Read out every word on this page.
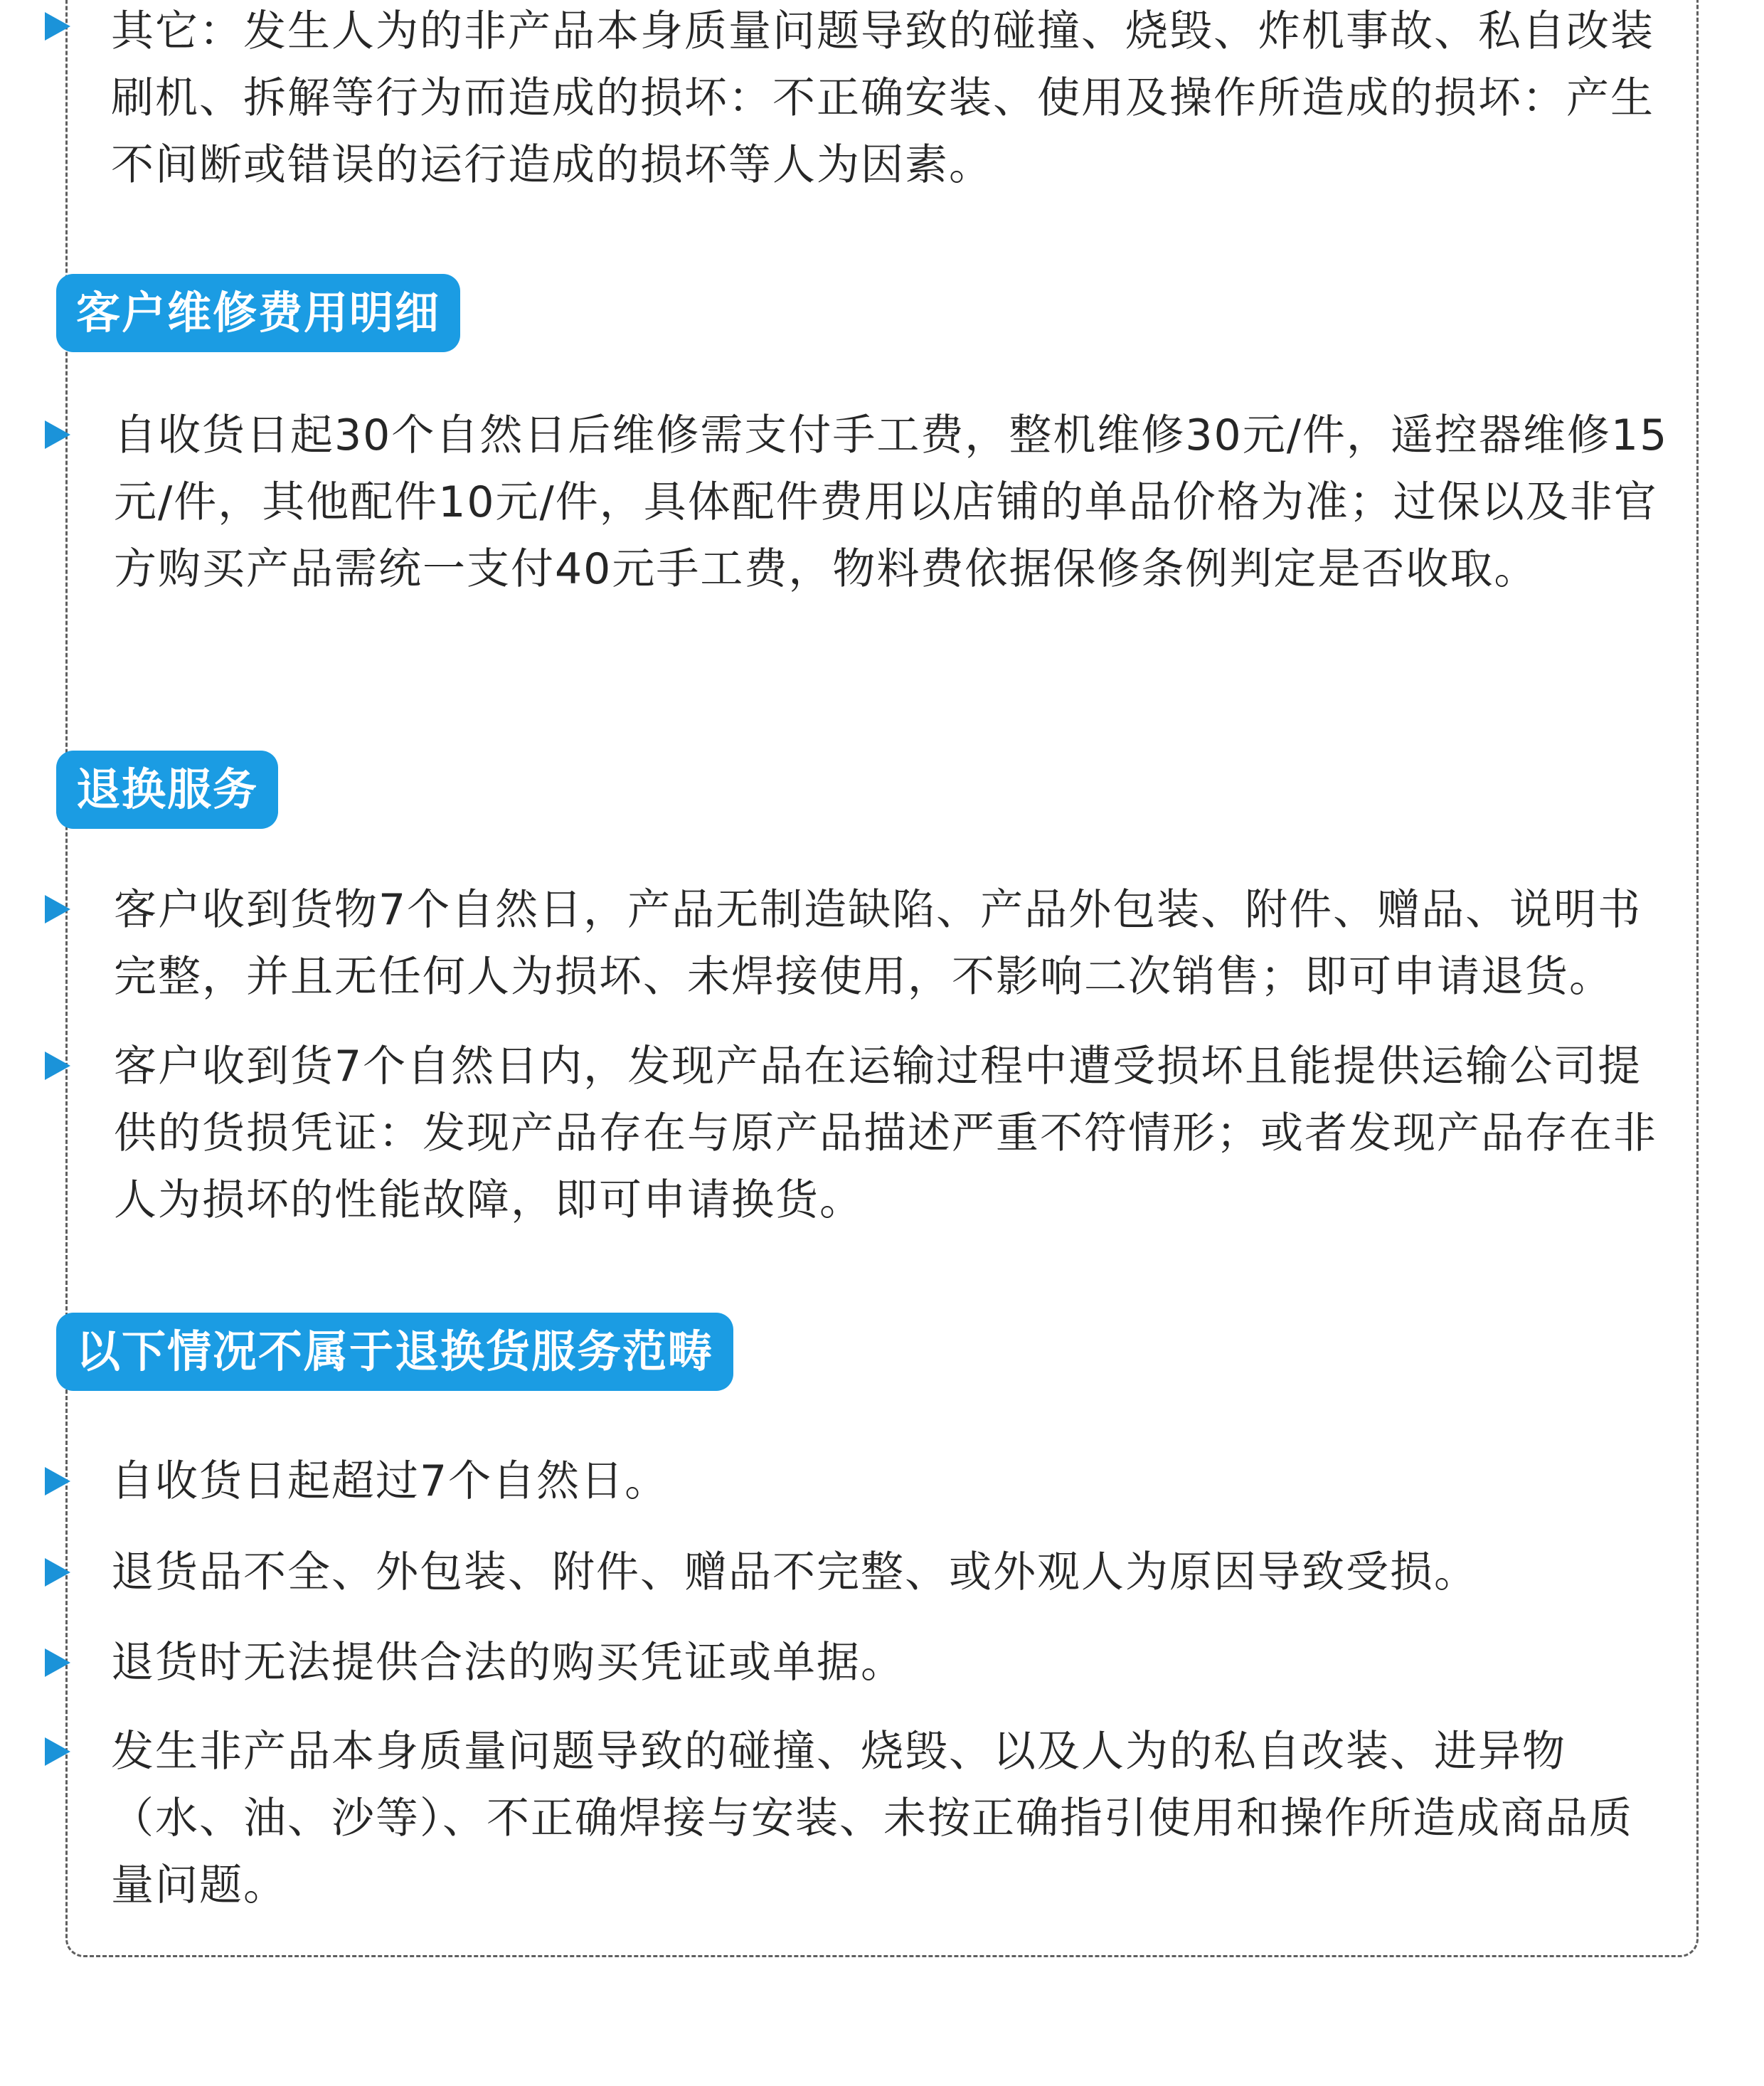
其它：发生人为的非产品本身质量问题导致的碰撞、烧毁、炸机事故、私自改装刷机、拆解等行为而造成的损坏：不正确安装、使用及操作所造成的损坏：产生不间断或错误的运行造成的损坏等人为因素。
客户维修费用明细
自收货日起30个自然日后维修需支付手工费，整机维修30元/件，遥控器维修15元/件，其他配件10元/件，具体配件费用以店铺的单品价格为准；过保以及非官方购买产品需统一支付40元手工费，物料费依据保修条例判定是否收取。
退换服务
客户收到货物7个自然日，产品无制造缺陷、产品外包装、附件、赠品、说明书完整，并且无任何人为损坏、未焊接使用，不影响二次销售；即可申请退货。
客户收到货7个自然日内，发现产品在运输过程中遭受损坏且能提供运输公司提供的货损凭证：发现产品存在与原产品描述严重不符情形；或者发现产品存在非人为损坏的性能故障，即可申请换货。
以下情况不属于退换货服务范畴
自收货日起超过7个自然日。
退货品不全、外包装、附件、赠品不完整、或外观人为原因导致受损。
退货时无法提供合法的购买凭证或单据。
发生非产品本身质量问题导致的碰撞、烧毁、以及人为的私自改装、进异物（水、油、沙等）、不正确焊接与安装、未按正确指引使用和操作所造成商品质量问题。
